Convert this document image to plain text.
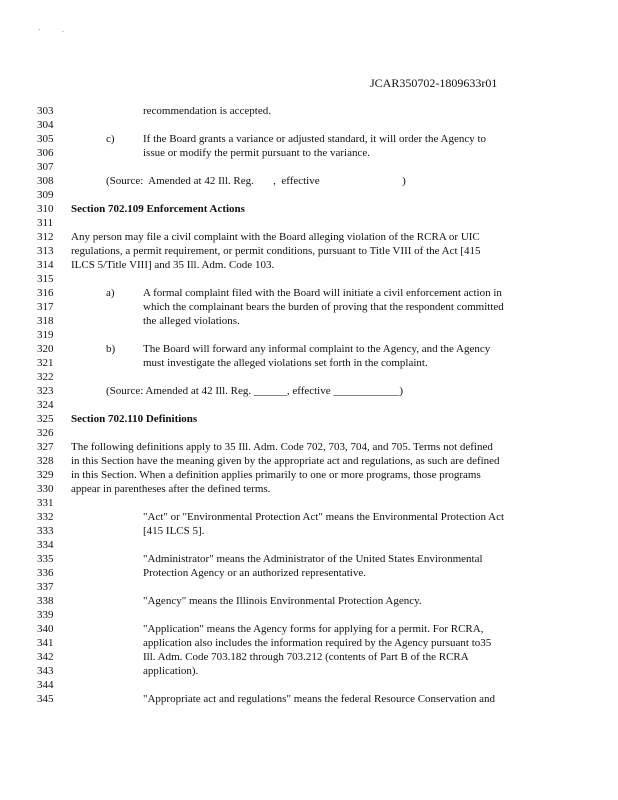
· .
JCAR350702-1809633r01
303	recommendation is accepted.
304
305	c)	If the Board grants a variance or adjusted standard, it will order the Agency to
306	issue or modify the permit pursuant to the variance.
307
308	(Source:  Amended at 42 Ill. Reg.       ,  effective                              )
309
310	Section 702.109 Enforcement Actions
311
312	Any person may file a civil complaint with the Board alleging violation of the RCRA or UIC
313	regulations, a permit requirement, or permit conditions, pursuant to Title VIII of the Act [415
314	ILCS 5/Title VIII] and 35 Ill. Adm. Code 103.
315
316	a)	A formal complaint filed with the Board will initiate a civil enforcement action in
317	which the complainant bears the burden of proving that the respondent committed
318	the alleged violations.
319
320	b)	The Board will forward any informal complaint to the Agency, and the Agency
321	must investigate the alleged violations set forth in the complaint.
322
323	(Source: Amended at 42 Ill. Reg. ______, effective ____________)
324
325	Section 702.110 Definitions
326
327	The following definitions apply to 35 Ill. Adm. Code 702, 703, 704, and 705. Terms not defined
328	in this Section have the meaning given by the appropriate act and regulations, as such are defined
329	in this Section. When a definition applies primarily to one or more programs, those programs
330	appear in parentheses after the defined terms.
331
332	"Act" or "Environmental Protection Act" means the Environmental Protection Act
333	[415 ILCS 5].
334
335	"Administrator" means the Administrator of the United States Environmental
336	Protection Agency or an authorized representative.
337
338	"Agency" means the Illinois Environmental Protection Agency.
339
340	"Application" means the Agency forms for applying for a permit. For RCRA,
341	application also includes the information required by the Agency pursuant to35
342	Ill. Adm. Code 703.182 through 703.212 (contents of Part B of the RCRA
343	application).
344
345	"Appropriate act and regulations" means the federal Resource Conservation and
